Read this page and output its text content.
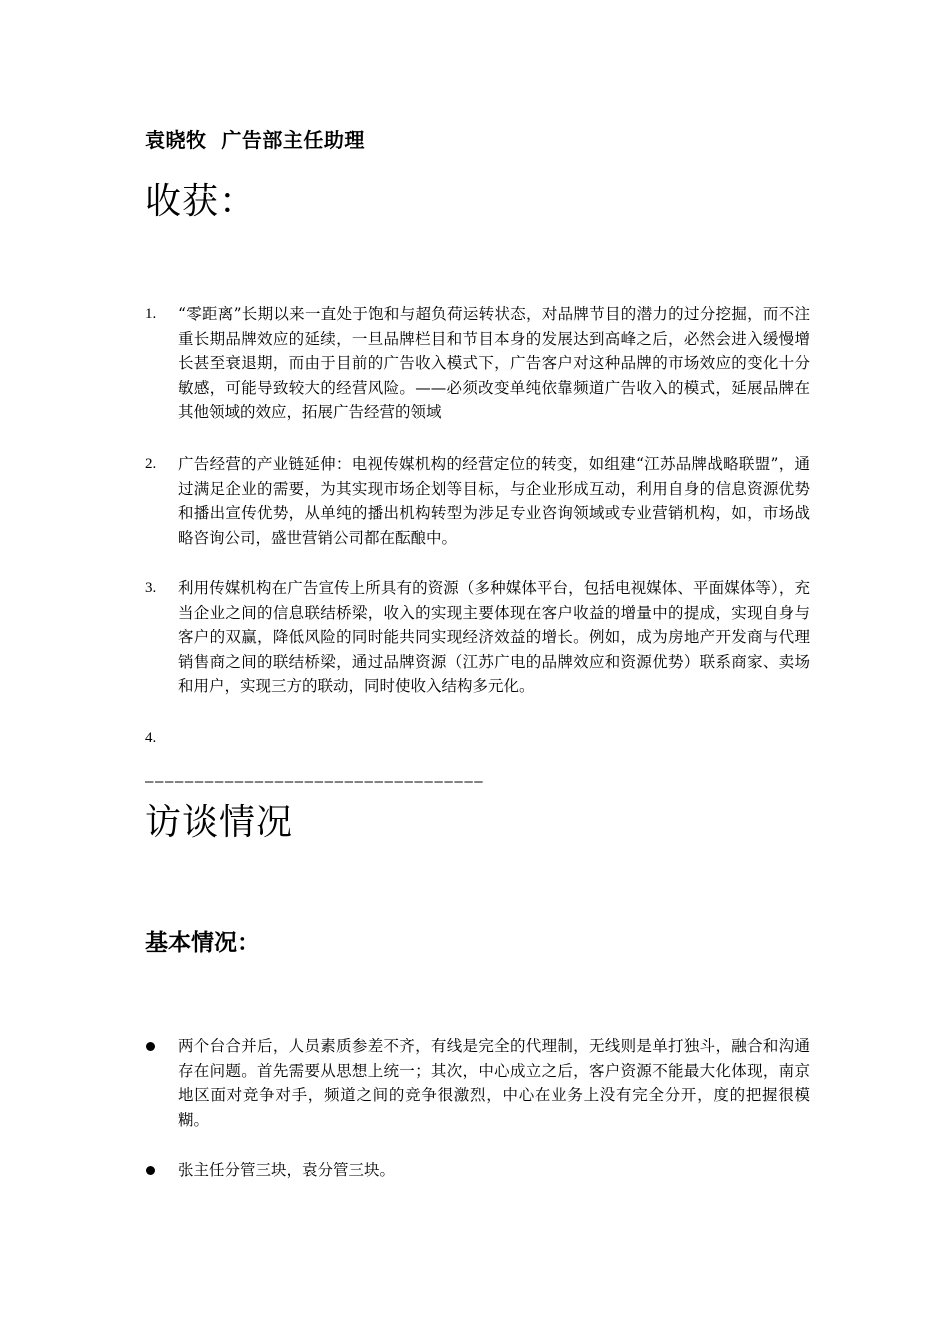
袁晓牧  广告部主任助理
收获：
1. “零距离”长期以来一直处于饱和与超负荷运转状态，对品牌节目的潜力的过分挖掘，而不注重长期品牌效应的延续，一旦品牌栏目和节目本身的发展达到高峰之后，必然会进入缓慢增长甚至衰退期，而由于目前的广告收入模式下，广告客户对这种品牌的市场效应的变化十分敏感，可能导致较大的经营风险。——必须改变单纯依靠频道广告收入的模式，延展品牌在其他领域的效应，拓展广告经营的领域
2. 广告经营的产业链延伸：电视传媒机构的经营定位的转变，如组建“江苏品牌战略联盟”，通过满足企业的需要，为其实现市场企划等目标，与企业形成互动，利用自身的信息资源优势和播出宣传优势，从单纯的播出机构转型为涉足专业咨询领域或专业营销机构，如，市场战略咨询公司，盛世营销公司都在酝酿中。
3. 利用传媒机构在广告宣传上所具有的资源（多种媒体平台，包括电视媒体、平面媒体等），充当企业之间的信息联结桥梁，收入的实现主要体现在客户收益的增量中的提成，实现自身与客户的双赢，降低风险的同时能共同实现经济效益的增长。例如，成为房地产开发商与代理销售商之间的联结桥梁，通过品牌资源（江苏广电的品牌效应和资源优势）联系商家、卖场和用户，实现三方的联动，同时使收入结构多元化。
4.
——————————————————————————————————
访谈情况
基本情况：
两个台合并后，人员素质参差不齐，有线是完全的代理制，无线则是单打独斗，融合和沟通存在问题。首先需要从思想上统一；其次，中心成立之后，客户资源不能最大化体现，南京地区面对竞争对手，频道之间的竞争很激烈，中心在业务上没有完全分开，度的把握很模糊。
张主任分管三块，袁分管三块。
